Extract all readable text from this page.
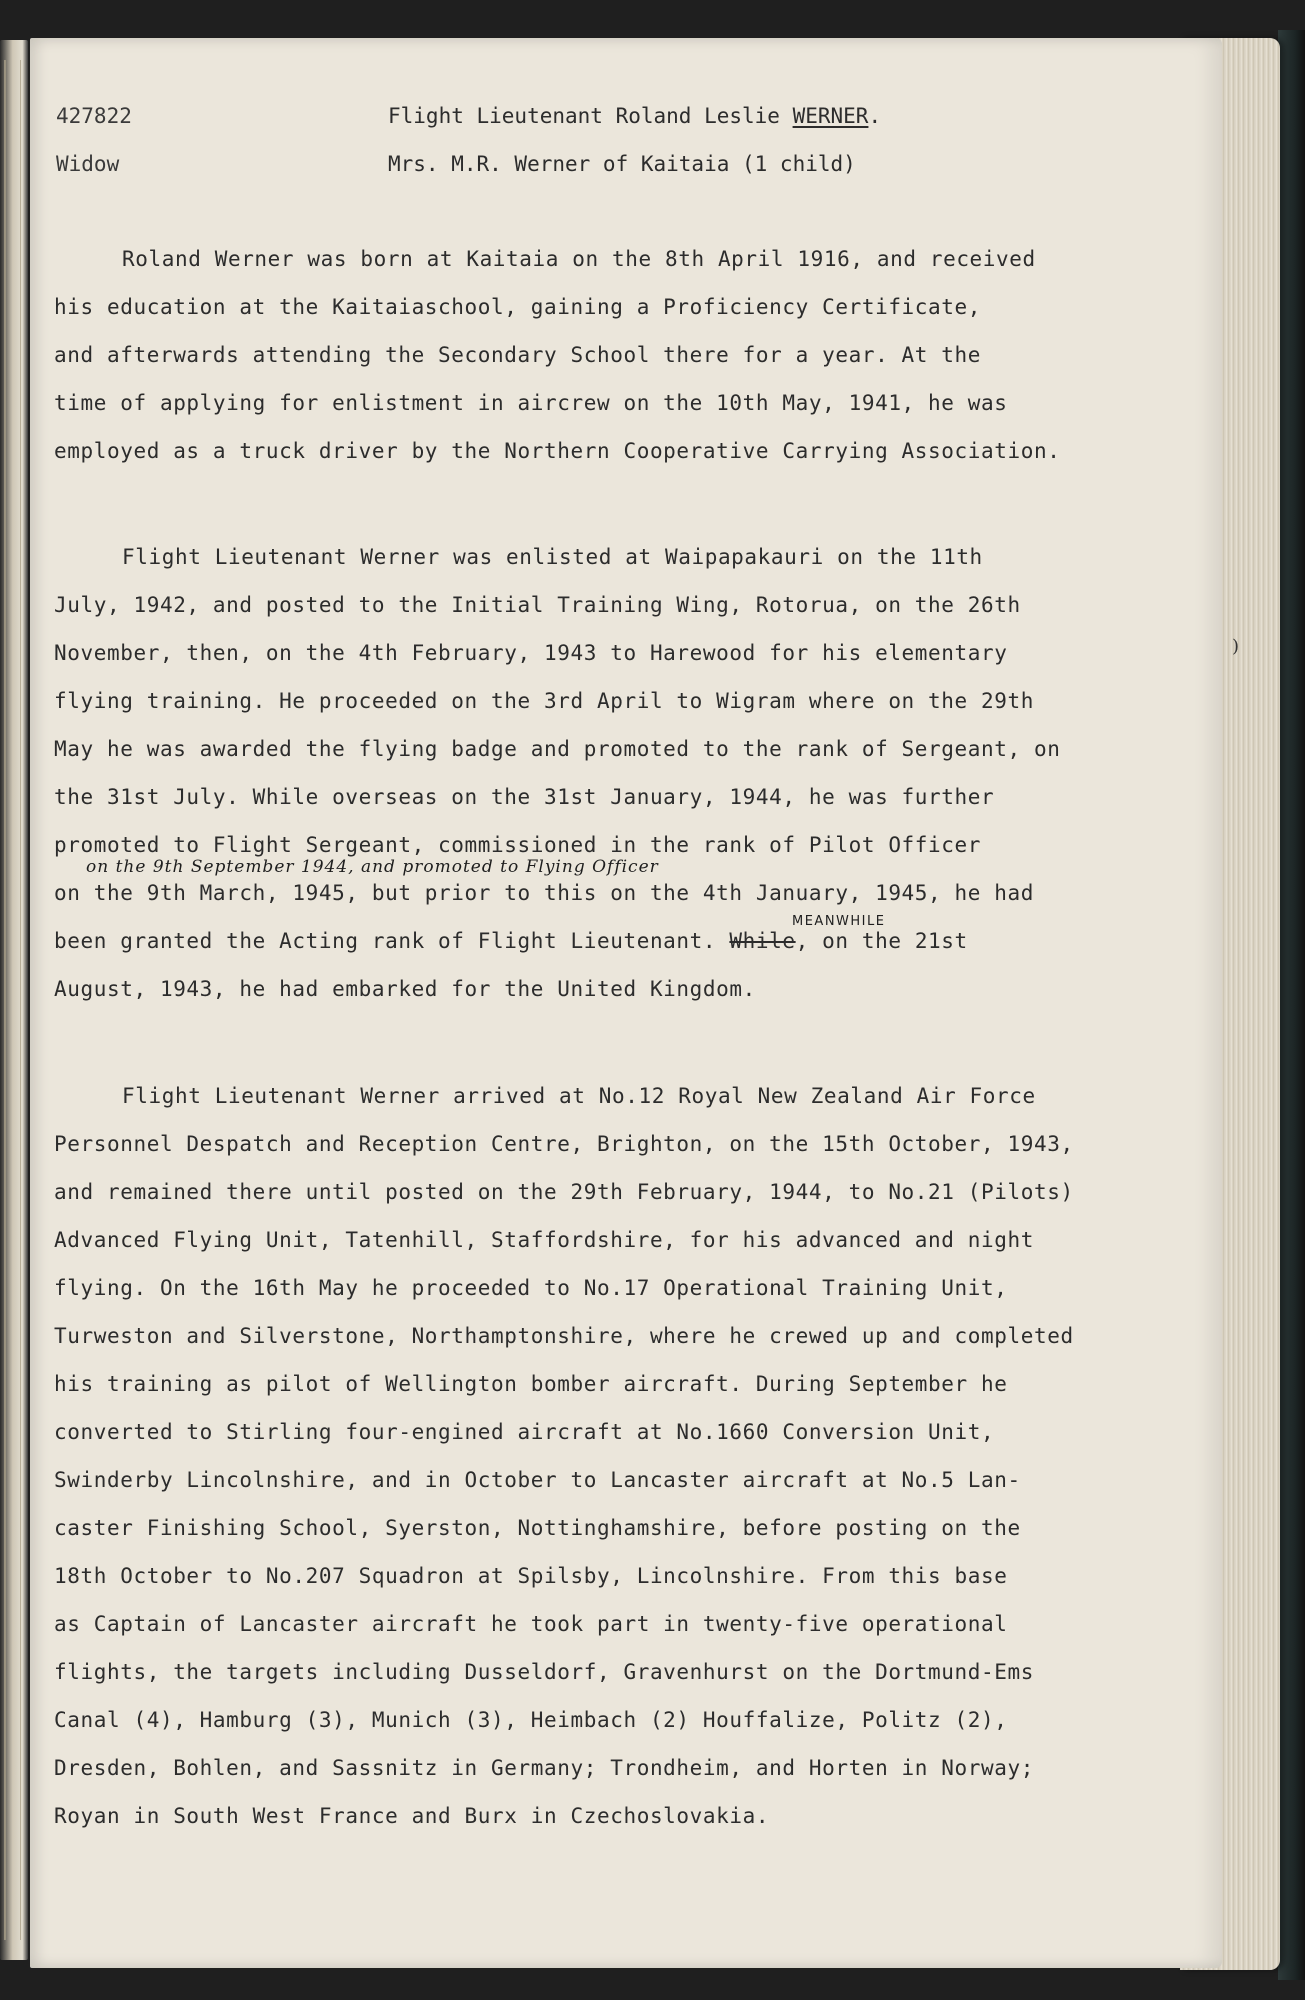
)
427822
Widow
Flight Lieutenant Roland Leslie WERNER.
Mrs. M.R. Werner of Kaitaia (1 child)
Roland Werner was born at Kaitaia on the 8th April 1916, and received
his education at the Kaitaiaschool, gaining a Proficiency Certificate,
and afterwards attending the Secondary School there for a year. At the
time of applying for enlistment in aircrew on the 10th May, 1941, he was
employed as a truck driver by the Northern Cooperative Carrying Association.
Flight Lieutenant Werner was enlisted at Waipapakauri on the 11th
July, 1942, and posted to the Initial Training Wing, Rotorua, on the 26th
November, then, on the 4th February, 1943 to Harewood for his elementary
flying training. He proceeded on the 3rd April to Wigram where on the 29th
May he was awarded the flying badge and promoted to the rank of Sergeant, on
the 31st July. While overseas on the 31st January, 1944, he was further
promoted to Flight Sergeant, commissioned in the rank of Pilot Officer
on the 9th March, 1945, but prior to this on the 4th January, 1945, he had
been granted the Acting rank of Flight Lieutenant. While, on the 21st
August, 1943, he had embarked for the United Kingdom.
on the 9th September 1944, and promoted to Flying Officer
MEANWHILE
Flight Lieutenant Werner arrived at No.12 Royal New Zealand Air Force
Personnel Despatch and Reception Centre, Brighton, on the 15th October, 1943,
and remained there until posted on the 29th February, 1944, to No.21 (Pilots)
Advanced Flying Unit, Tatenhill, Staffordshire, for his advanced and night
flying. On the 16th May he proceeded to No.17 Operational Training Unit,
Turweston and Silverstone, Northamptonshire, where he crewed up and completed
his training as pilot of Wellington bomber aircraft. During September he
converted to Stirling four-engined aircraft at No.1660 Conversion Unit,
Swinderby Lincolnshire, and in October to Lancaster aircraft at No.5 Lan-
caster Finishing School, Syerston, Nottinghamshire, before posting on the
18th October to No.207 Squadron at Spilsby, Lincolnshire. From this base
as Captain of Lancaster aircraft he took part in twenty-five operational
flights, the targets including Dusseldorf, Gravenhurst on the Dortmund-Ems
Canal (4), Hamburg (3), Munich (3), Heimbach (2) Houffalize, Politz (2),
Dresden, Bohlen, and Sassnitz in Germany; Trondheim, and Horten in Norway;
Royan in South West France and Burx in Czechoslovakia.
